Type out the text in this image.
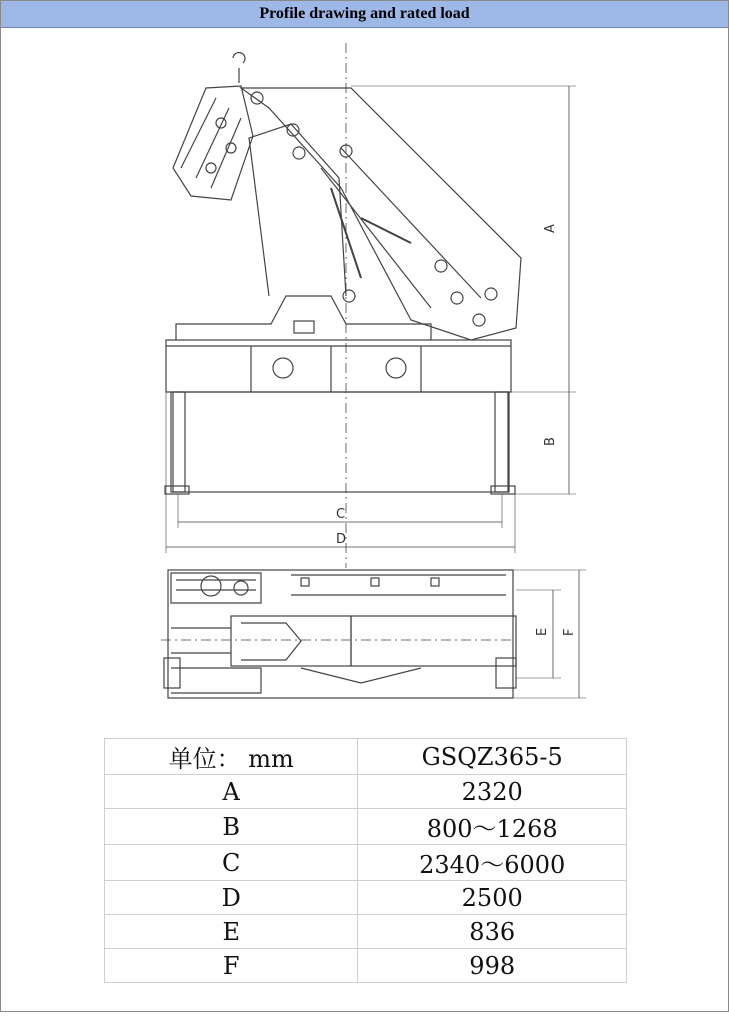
Profile drawing and rated load
A
B
C
D
E F
单位： mm	GSQZ365-5
A	2320
B	800～1268
C	2340～6000
D	2500
E	836
F	998
